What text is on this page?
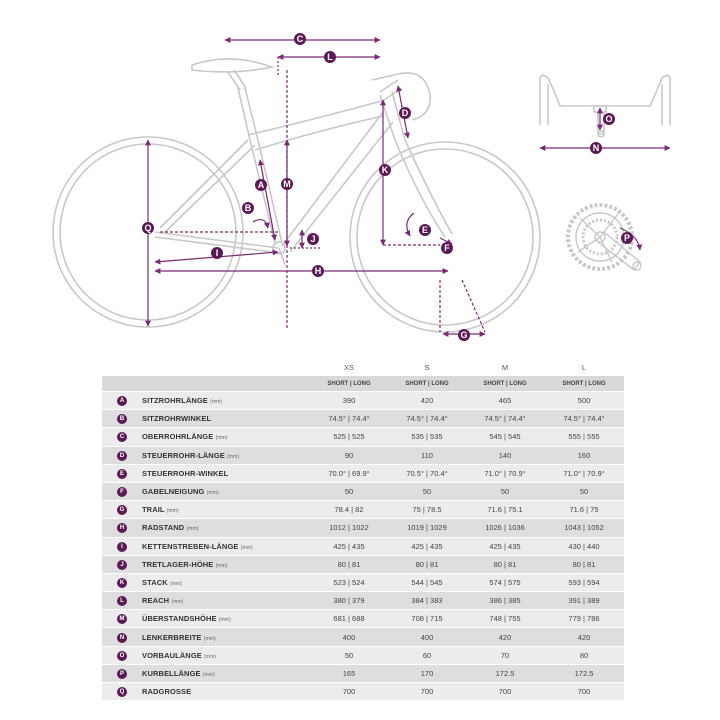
C
L
D
K
M
A
B
Q
J
I
H
E
F
G
O
N
P
		XS	S	M	L
		SHORT | LONG	SHORT | LONG	SHORT | LONG	SHORT | LONG
A	SITZROHRLÄNGE (mm)	390	420	465	500
B	SITZROHRWINKEL	74.5° | 74.4°	74.5° | 74.4°	74.5° | 74.4°	74.5° | 74.4°
C	OBERROHRLÄNGE (mm)	525 | 525	535 | 535	545 | 545	555 | 555
D	STEUERROHR-LÄNGE (mm)	90	110	140	160
E	STEUERROHR-WINKEL	70.0° | 69.9°	70.5° | 70.4°	71.0° | 70.9°	71.0° | 70.9°
F	GABELNEIGUNG (mm)	50	50	50	50
G	TRAIL (mm)	78.4 | 82	75 | 78.5	71.6 | 75.1	71.6 | 75
H	RADSTAND (mm)	1012 | 1022	1019 | 1029	1026 | 1036	1043 | 1052
I	KETTENSTREBEN-LÄNGE (mm)	425 | 435	425 | 435	425 | 435	430 | 440
J	TRETLAGER-HÖHE (mm)	80 | 81	80 | 81	80 | 81	80 | 81
K	STACK (mm)	523 | 524	544 | 545	574 | 575	593 | 594
L	REACH (mm)	380 | 379	384 | 383	386 | 385	391 | 389
M	ÜBERSTANDSHÖHE (mm)	681 | 688	708 | 715	748 | 755	779 | 786
N	LENKERBREITE (mm)	400	400	420	420
O	VORBAULÄNGE (mm)	50	60	70	80
P	KURBELLÄNGE (mm)	165	170	172.5	172.5
Q	RADGROSSE	700	700	700	700
